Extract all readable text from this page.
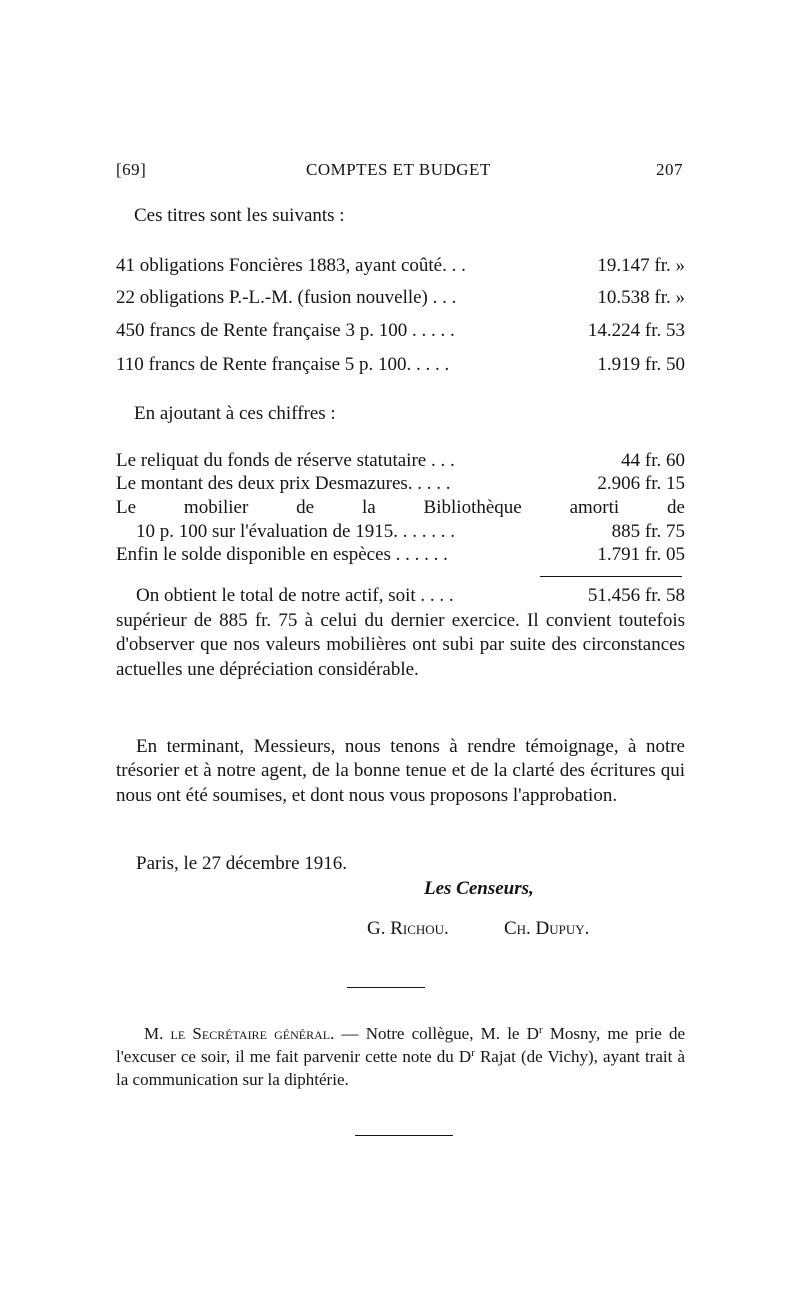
[69]	COMPTES ET BUDGET	207
Ces titres sont les suivants :
41 obligations Foncières 1883, ayant coûté. . .	19.147 fr. »
22 obligations P.-L.-M. (fusion nouvelle) . . .	10.538 fr. »
450 francs de Rente française 3 p. 100 . . . . .	14.224 fr. 53
110 francs de Rente française 5 p. 100. . . . .	1.919 fr. 50
En ajoutant à ces chiffres :
Le reliquat du fonds de réserve statutaire . . .	44 fr. 60
Le montant des deux prix Desmazures. . . . .	2.906 fr. 15
Le mobilier de la Bibliothèque amorti de
10 p. 100 sur l'évaluation de 1915. . . . . . .	885 fr. 75
Enfin le solde disponible en espèces . . . . . .	1.791 fr. 05
On obtient le total de notre actif, soit . . . .	51.456 fr. 58
supérieur de 885 fr. 75 à celui du dernier exercice. Il convient toutefois d'observer que nos valeurs mobilières ont subi par suite des circonstances actuelles une dépréciation considérable.
En terminant, Messieurs, nous tenons à rendre témoignage, à notre trésorier et à notre agent, de la bonne tenue et de la clarté des écritures qui nous ont été soumises, et dont nous vous proposons l'approbation.
Paris, le 27 décembre 1916.
Les Censeurs,
G. Richou.	Ch. Dupuy.
M. le Secrétaire général. — Notre collègue, M. le $D^r$ Mosny, me prie de l'excuser ce soir, il me fait parvenir cette note du $D^r$ Rajat (de Vichy), ayant trait à la communication sur la diphtérie.
